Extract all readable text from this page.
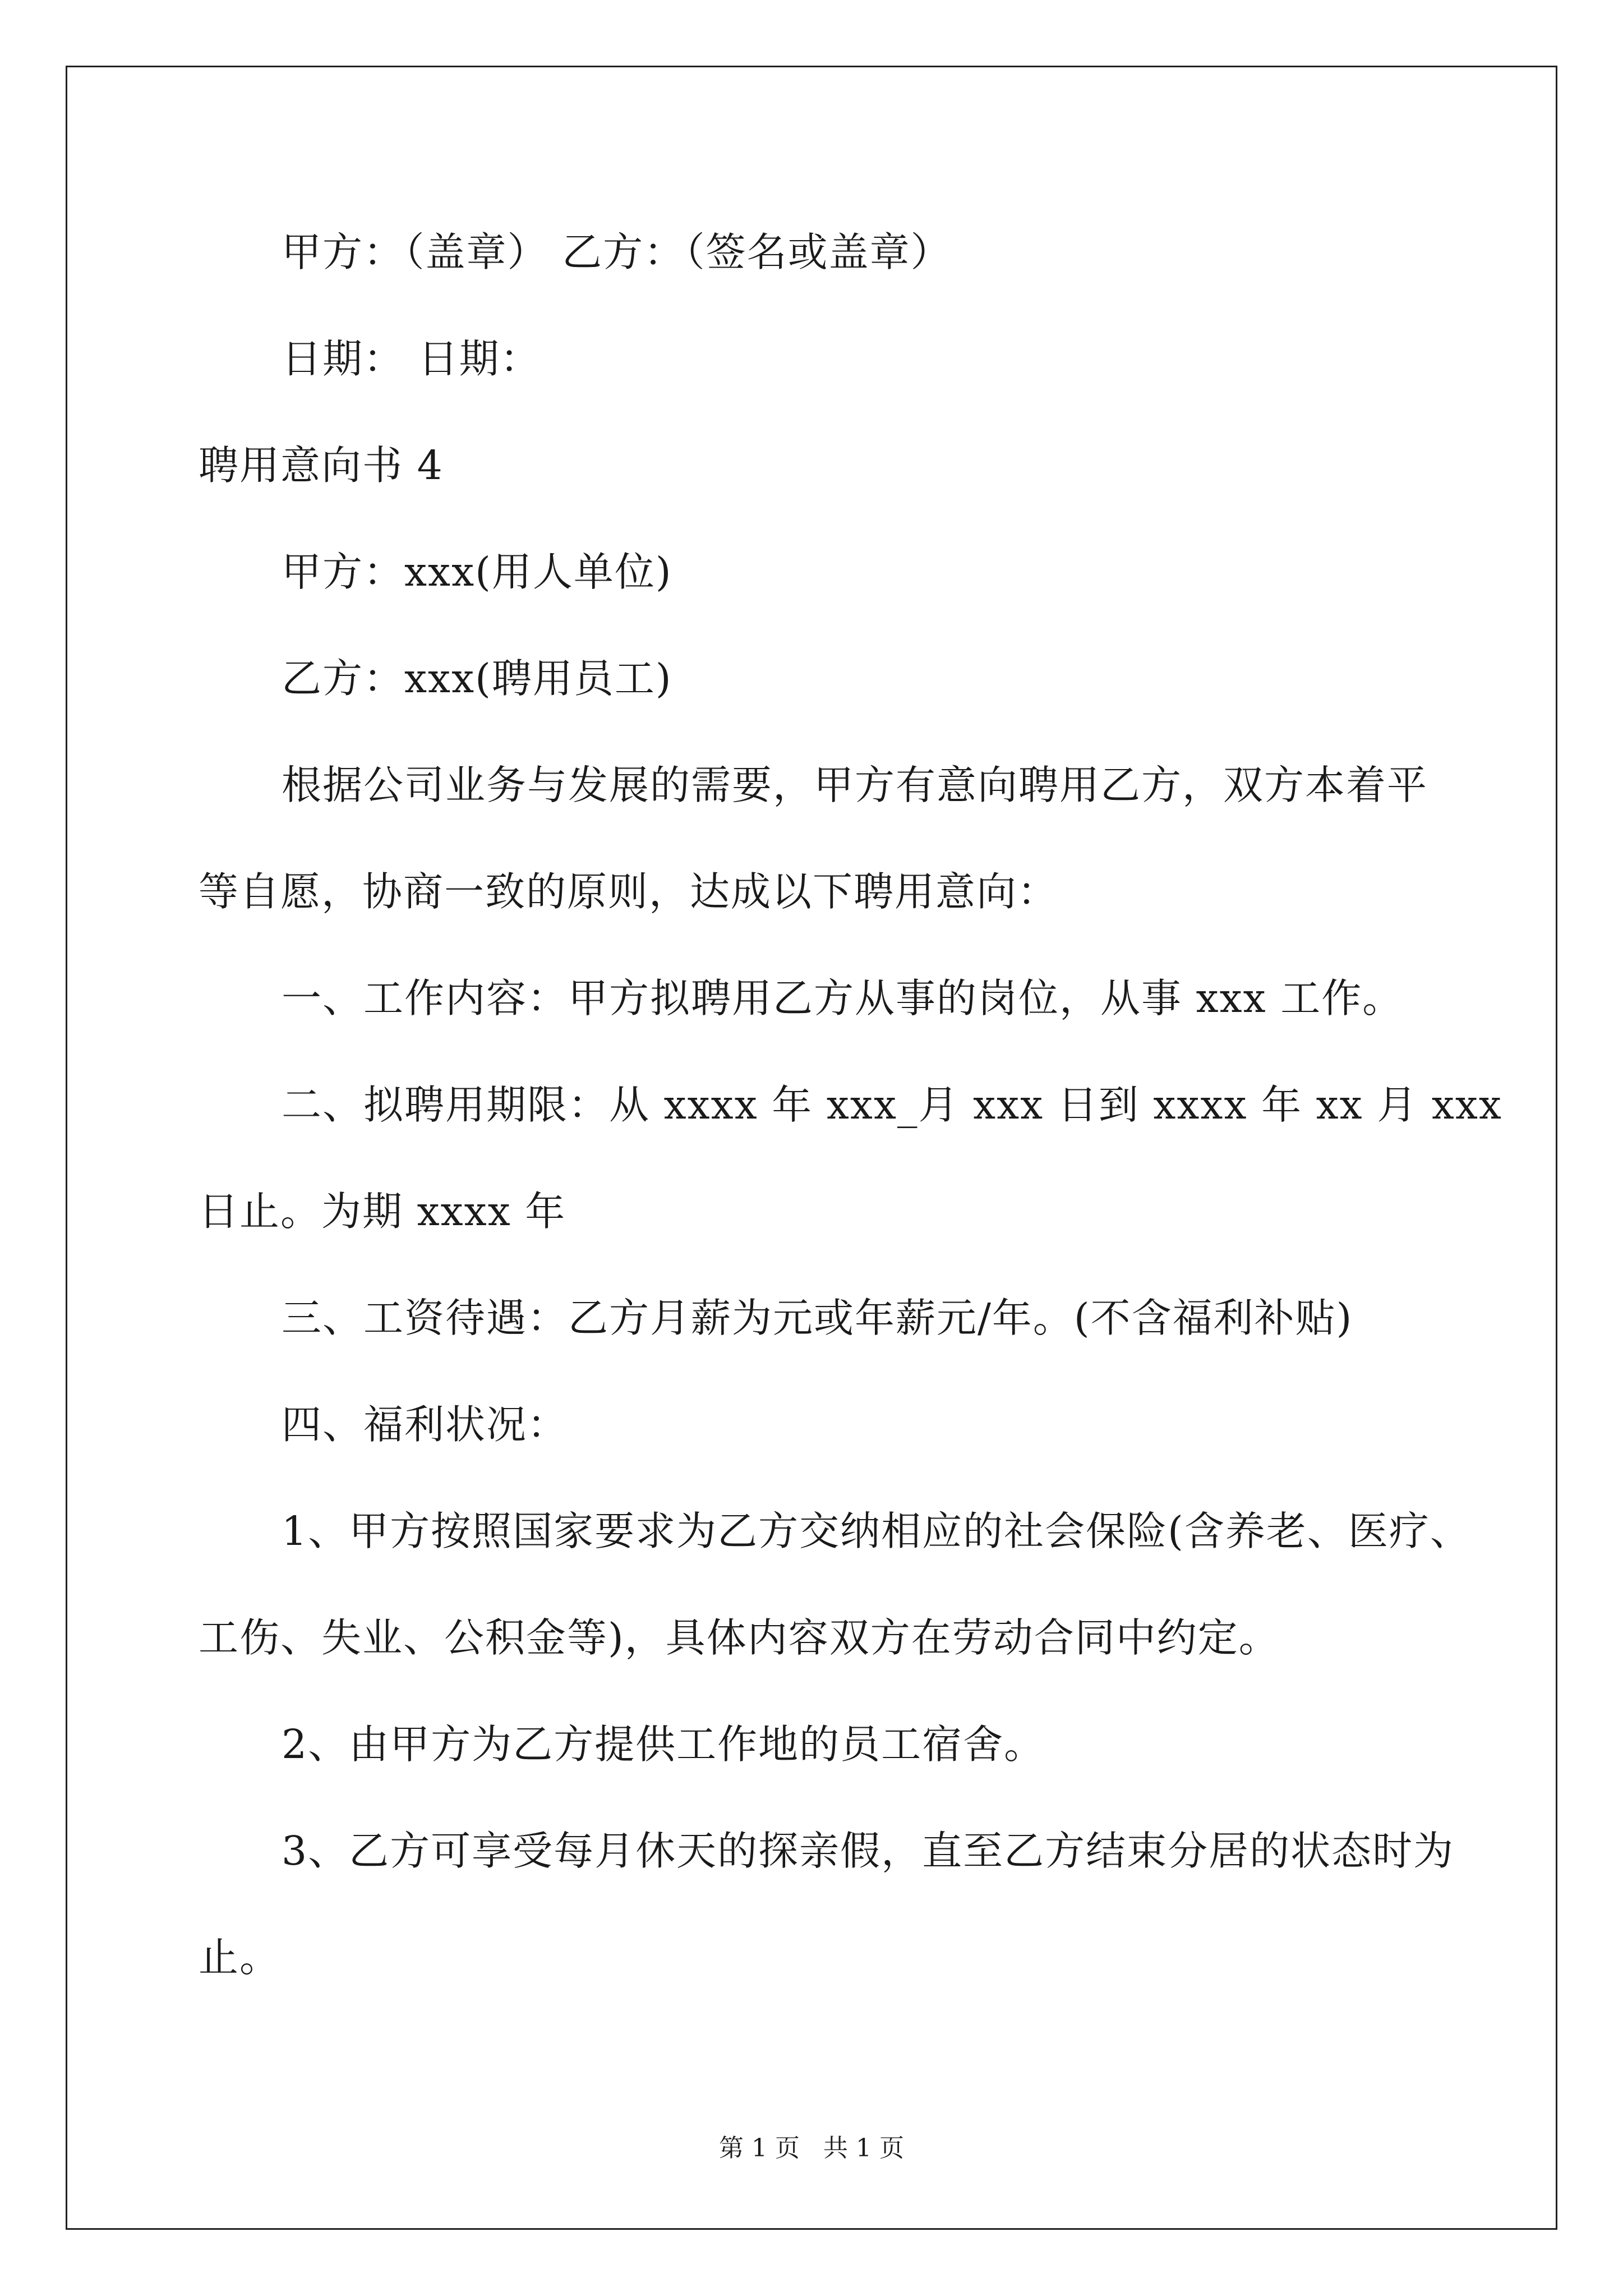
甲方：（盖章） 乙方：（签名或盖章）
日期： 日期：
聘用意向书 4
甲方：xxx(用人单位)
乙方：xxx(聘用员工)
根据公司业务与发展的需要，甲方有意向聘用乙方，双方本着平
等自愿，协商一致的原则，达成以下聘用意向：
一、工作内容：甲方拟聘用乙方从事的岗位，从事 xxx 工作。
二、拟聘用期限：从 xxxx 年 xxx_月 xxx 日到 xxxx 年 xx 月 xxx
日止。为期 xxxx 年
三、工资待遇：乙方月薪为元或年薪元/年。(不含福利补贴)
四、福利状况：
1、甲方按照国家要求为乙方交纳相应的社会保险(含养老、医疗、
工伤、失业、公积金等)，具体内容双方在劳动合同中约定。
2、由甲方为乙方提供工作地的员工宿舍。
3、乙方可享受每月休天的探亲假，直至乙方结束分居的状态时为
止。
第 1 页   共 1 页
